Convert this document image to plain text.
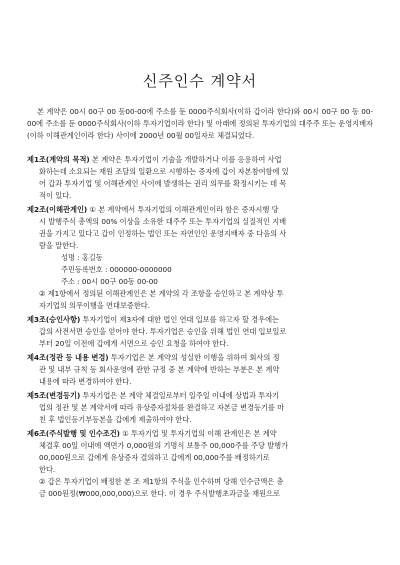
신주인수 계약서

본 계약은 00시 00구 00 동00-00에 주소를 둔 0000주식회사(이하 갑이라 한다)와 00시 00구 00 동 00-00에 주소를 둔 0000주식회사(이하 투자기업이라 한다) 및 아래에 정의된 투자기업의 대주주 또는 운영지배자(이하 이해관계인이라 한다) 사이에 2000년 00월 00일자로 체결되었다.

제1조(계약의 목적) 본 계약은 투자기업이 기술을 개발하거나 이를 응용하여 사업

화하는데 소요되는 재원 조달의 일환으로 시행하는 증자에 갑이 자본참여함에 있

어 갑과 투자기업 및 이해관계인 사이에 발생하는 권리 의무를 확정시키는 데 목

적이 있다.

제2조(이해관계인) ① 본 계약에서 투자기업의 이해관계인이라 함은 증자시행 당

시 발행주식 총액의 00% 이상을 소유한 대주주 또는 투자기업의 실질적인 지배

권을 가지고 있다고 갑이 인정하는 법인 또는 자연인인 운영지배자 중 다음의 사

람을 말한다.

성명 : 홍길동

주민등록번호 : 000000-0000000

주소 : 00시 00구 00동 00-00

② 제1항에서 정의된 이해관계인은 본 계약의 각 조항을 승인하고 본 계약상 투

자기업의 의무이행을 연대보증한다.

제3조(승인사항) 투자기업이 제3자에 대한 법인 연대 입보를 하고자 할 경우에는

갑의 사전서면 승인을 얻어야 한다. 투자기업은 승인을 위해 법인 연대 입보일로

부터 20일 이전에 갑에게 서면으로 승인 요청을 하여야 한다.

제4조(정관 등 내용 변경) 투자기업은 본 계약의 성실한 이행을 위하여 회사의 정

관 및 내부 규칙 등 회사운영에 관한 규정 중 본 계약에 반하는 부분은 본 계약

내용에 따라 변경하여야 한다.

제5조(변경등기) 투자기업은 본 계약 체결일로부터 일주일 이내에 상법과 투자기

업의 정관 및 본 계약서에 따라 유상증자절차를 완결하고 자본금 변경등기를 마

친 후 법인등기부등본을 갑에게 제출하여야 한다.

제6조(주식발행 및 인수조건) ① 투자기업 및 투자기업의 이해 관계인은 본 계약

체결후 00일 이내에 액면가 0,000원의 기명식 보통주 00,000주를 주당 발행가

00,000원으로 갑에게 유상증자 결의하고 갑에게 00,000주를 배정하기로

한다.

② 갑은 투자기업이 배정한 본 조 제1항의 주식을 인수하며 당해 인수금액은 총

금 000원정(₩000,000,000)으로 한다. 이 경우 주식발행초과금을 재원으로
